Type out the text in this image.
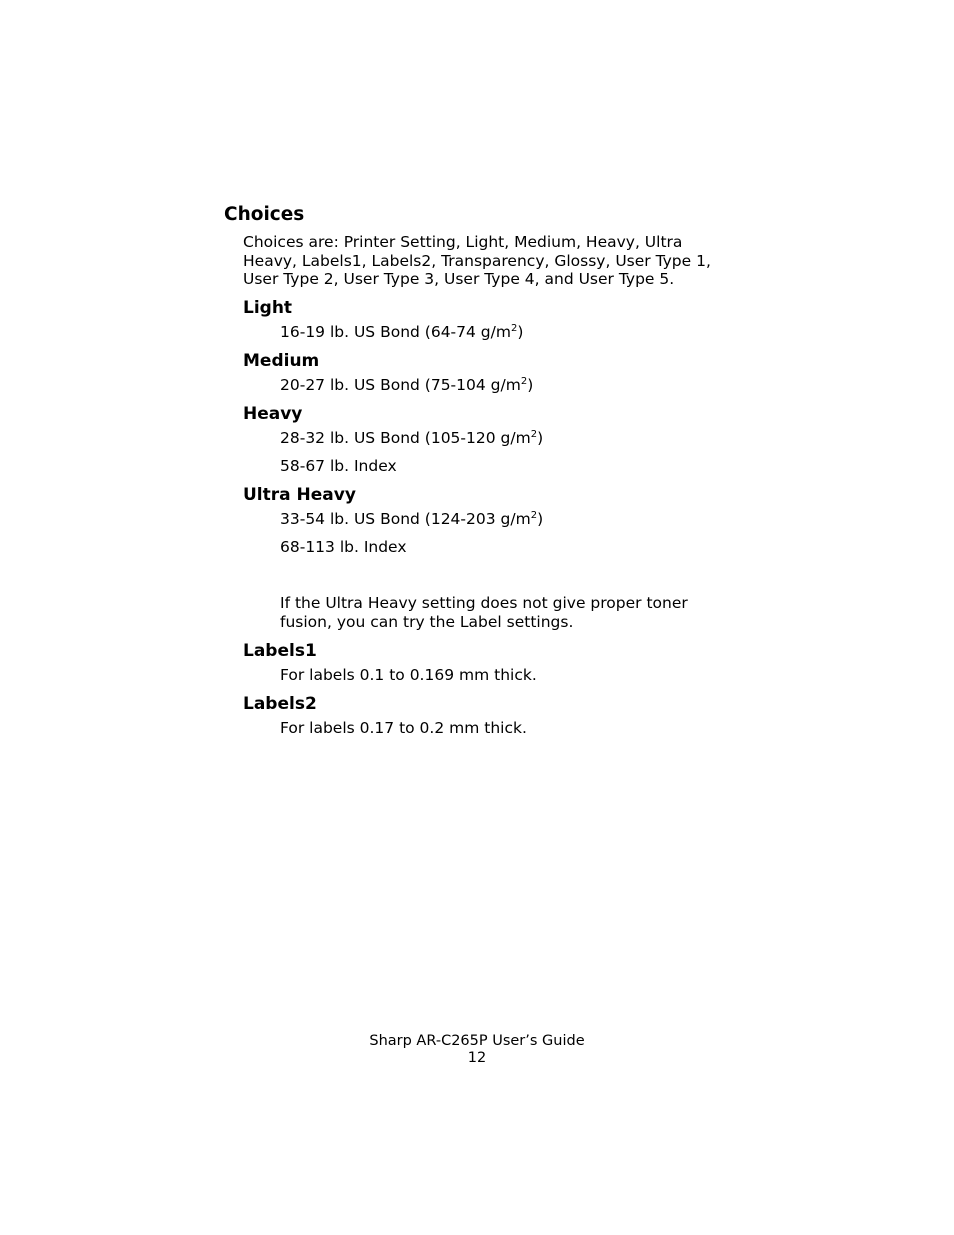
Choices
Choices are: Printer Setting, Light, Medium, Heavy, Ultra
Heavy, Labels1, Labels2, Transparency, Glossy, User Type 1,
User Type 2, User Type 3, User Type 4, and User Type 5.
Light

16-19 lb. US Bond (64-74 $g/m^2$)

Medium

20-27 lb. US Bond (75-104 $g/m^2$)

Heavy

28-32 lb. US Bond (105-120 $g/m^2$)

58-67 lb. Index

Ultra Heavy

33-54 lb. US Bond (124-203 $g/m^2$)

68-113 lb. Index

If the Ultra Heavy setting does not give proper toner
fusion, you can try the Label settings.
Labels1

For labels 0.1 to 0.169 mm thick.

Labels2

For labels 0.17 to 0.2 mm thick.

Sharp AR-C265P User’s Guide
12
